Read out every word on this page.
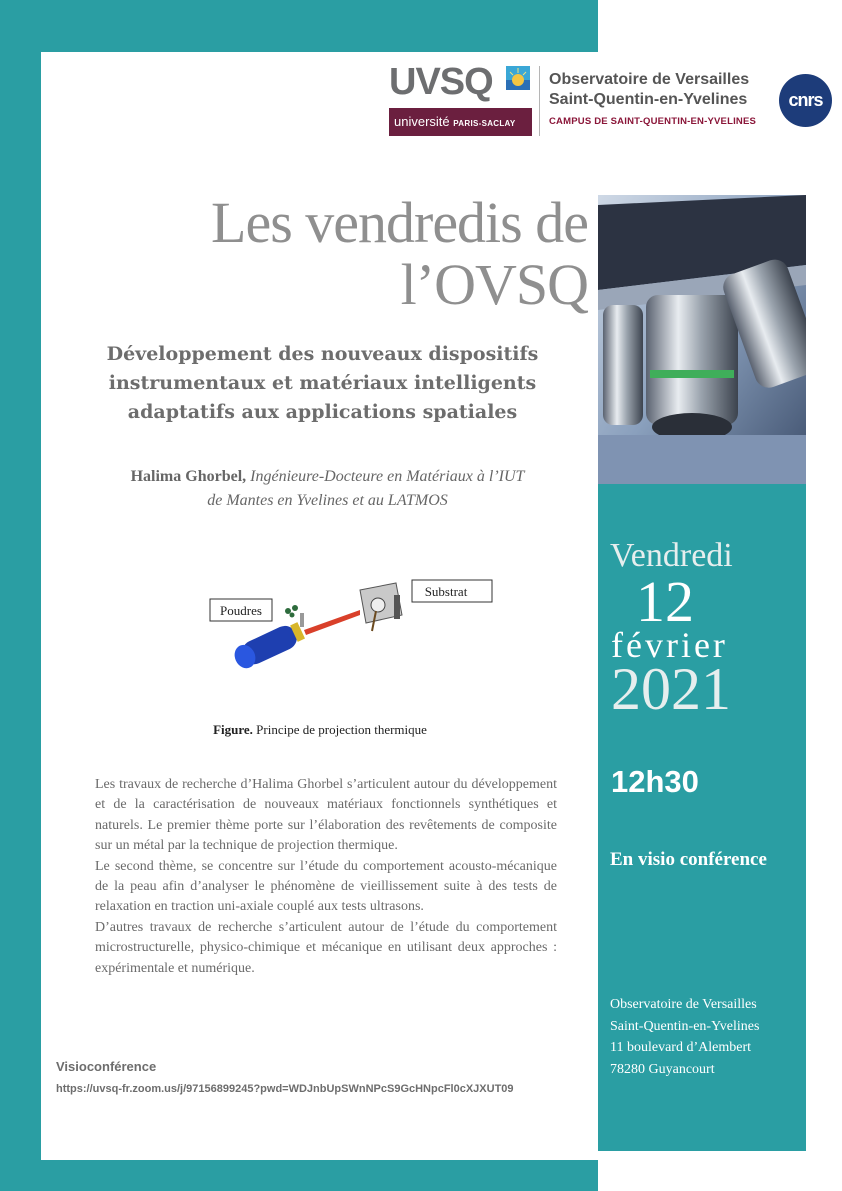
UVSQ
université PARIS-SACLAY
Observatoire de Versailles
Saint-Quentin-en-Yvelines
CAMPUS DE SAINT-QUENTIN-EN-YVELINES
cnrs
Les vendredis de
l’OVSQ
Développement des nouveaux dispositifs
instrumentaux et matériaux intelligents
adaptatifs aux applications spatiales
Halima Ghorbel, Ingénieure-Docteure en Matériaux à l’IUT
de Mantes en Yvelines et au LATMOS
Poudres
Substrat
Figure. Principe de projection thermique

Les travaux de recherche d’Halima Ghorbel s’articulent autour du développement et de la caractérisation de nouveaux matériaux fonctionnels synthétiques et naturels. Le premier thème porte sur l’élaboration des revêtements de composite sur un métal par la technique de projection thermique.

Le second thème, se concentre sur l’étude du comportement acousto-mécanique de la peau afin d’analyser le phénomène de vieillissement suite à des tests de relaxation en traction uni-axiale couplé aux tests ultrasons.

D’autres travaux de recherche s’articulent autour de l’étude du comportement microstructurelle, physico-chimique et mécanique en utilisant deux approches : expérimentale et numérique.

Visioconférence
https://uvsq-fr.zoom.us/j/97156899245?pwd=WDJnbUpSWnNPcS9GcHNpcFl0cXJXUT09
Vendredi
12
février
2021
12h30
En visio conférence
Observatoire de Versailles
Saint-Quentin-en-Yvelines
11 boulevard d’Alembert
78280 Guyancourt
